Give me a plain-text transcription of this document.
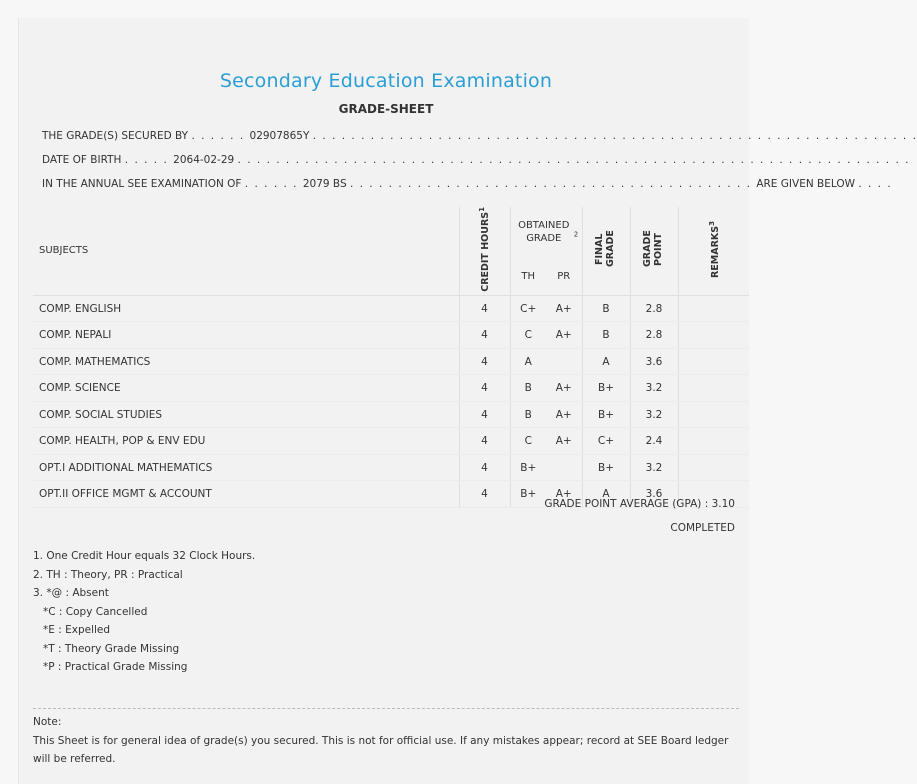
Secondary Education Examination
GRADE-SHEET
THE GRADE(S) SECURED BY . . . . . . 02907865Y . . . . . . . . . . . . . . . . . . . . . . . . . . . . . . . . . . . . . . . . . . . . . . . . . . . . . . . . . . . . . . .
DATE OF BIRTH . . . . . 2064-02-29 . . . . . . . . . . . . . . . . . . . . . . . . . . . . . . . . . . . . . . . . . . . . . . . . . . . . . . . . . . . . . . . . . . . . . .
IN THE ANNUAL SEE EXAMINATION OF . . . . . . 2079 BS . . . . . . . . . . . . . . . . . . . . . . . . . . . . . . . . . . . . . . . . . . ARE GIVEN BELOW . . . .
SUBJECTS	CREDIT HOURS$^1$	OBTAINED GRADE $^2$		FINAL GRADE	GRADE POINT	REMARKS$^3$
		TH	PR			
COMP. ENGLISH	4	C+	A+	B	2.8	
COMP. NEPALI	4	C	A+	B	2.8	
COMP. MATHEMATICS	4	A		A	3.6	
COMP. SCIENCE	4	B	A+	B+	3.2	
COMP. SOCIAL STUDIES	4	B	A+	B+	3.2	
COMP. HEALTH, POP & ENV EDU	4	C	A+	C+	2.4	
OPT.I ADDITIONAL MATHEMATICS	4	B+		B+	3.2	
OPT.II OFFICE MGMT & ACCOUNT	4	B+	A+	A	3.6	
GRADE POINT AVERAGE (GPA) : 3.10
COMPLETED
1. One Credit Hour equals 32 Clock Hours.
2. TH : Theory, PR : Practical
3. *@ : Absent
*C : Copy Cancelled
*E : Expelled
*T : Theory Grade Missing
*P : Practical Grade Missing
Note:
This Sheet is for general idea of grade(s) you secured. This is not for official use. If any mistakes appear; record at SEE Board ledger will be referred.
